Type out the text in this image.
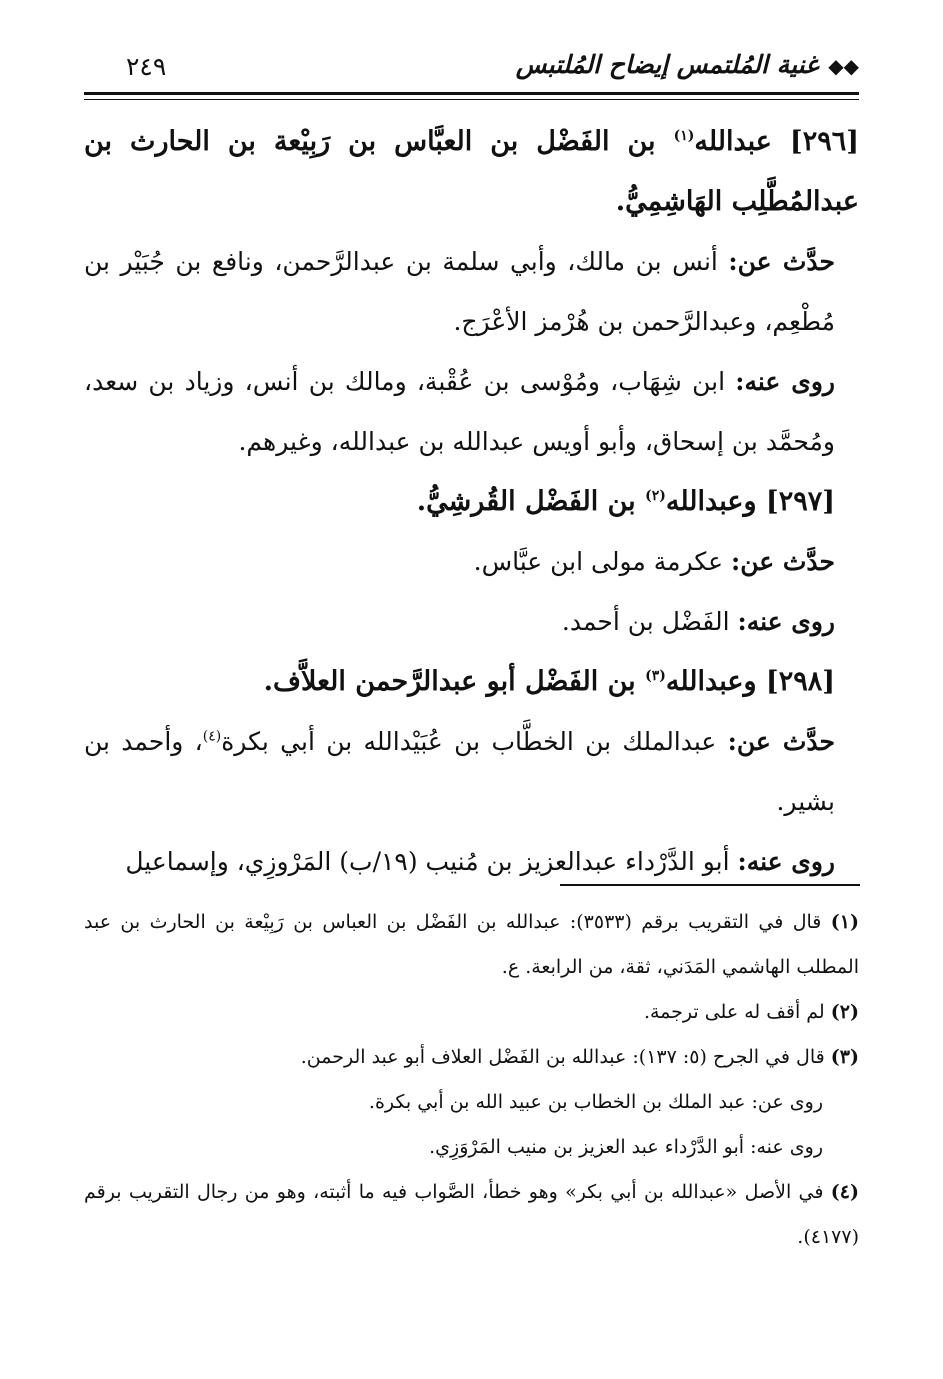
◆◆غنية المُلتمس إيضاح المُلتبس
٢٤٩

[٢٩٦] عبدالله$^{(١)}$ بن الفَضْل بن العبَّاس بن رَبِيْعة بن الحارث بن عبدالمُطَّلِب الهَاشِمِيُّ.

حدَّث عن: أنس بن مالك، وأبي سلمة بن عبدالرَّحمن، ونافع بن جُبَيْر بن مُطْعِم، وعبدالرَّحمن بن هُرْمز الأعْرَج.

روى عنه: ابن شِهَاب، ومُوْسى بن عُقْبة، ومالك بن أنس، وزياد بن سعد، ومُحمَّد بن إسحاق، وأبو أويس عبدالله بن عبدالله، وغيرهم.

[٢٩٧] وعبدالله$^{(٢)}$ بن الفَضْل القُرشِيُّ.

حدَّث عن: عكرمة مولى ابن عبَّاس.

روى عنه: الفَضْل بن أحمد.

[٢٩٨] وعبدالله$^{(٣)}$ بن الفَضْل أبو عبدالرَّحمن العلاَّف.

حدَّث عن: عبدالملك بن الخطَّاب بن عُبَيْدالله بن أبي بكرة$^{(٤)}$، وأحمد بن بشير.

روى عنه: أبو الدَّرْداء عبدالعزيز بن مُنيب (١٩/ب) المَرْوزِي، وإسماعيل

(١) قال في التقريب برقم (٣٥٣٣): عبدالله بن الفَضْل بن العباس بن رَبِيْعة بن الحارث بن عبد المطلب الهاشمي المَدَني، ثقة، من الرابعة. ع.

(٢) لم أقف له على ترجمة.

(٣) قال في الجرح (٥: ١٣٧): عبدالله بن الفَضْل العلاف أبو عبد الرحمن.

روى عن: عبد الملك بن الخطاب بن عبيد الله بن أبي بكرة.

روى عنه: أبو الدَّرْداء عبد العزيز بن منيب المَرْوَزِي.

(٤) في الأصل «عبدالله بن أبي بكر» وهو خطأ، الصَّواب فيه ما أثبته، وهو من رجال التقريب برقم (٤١٧٧).
